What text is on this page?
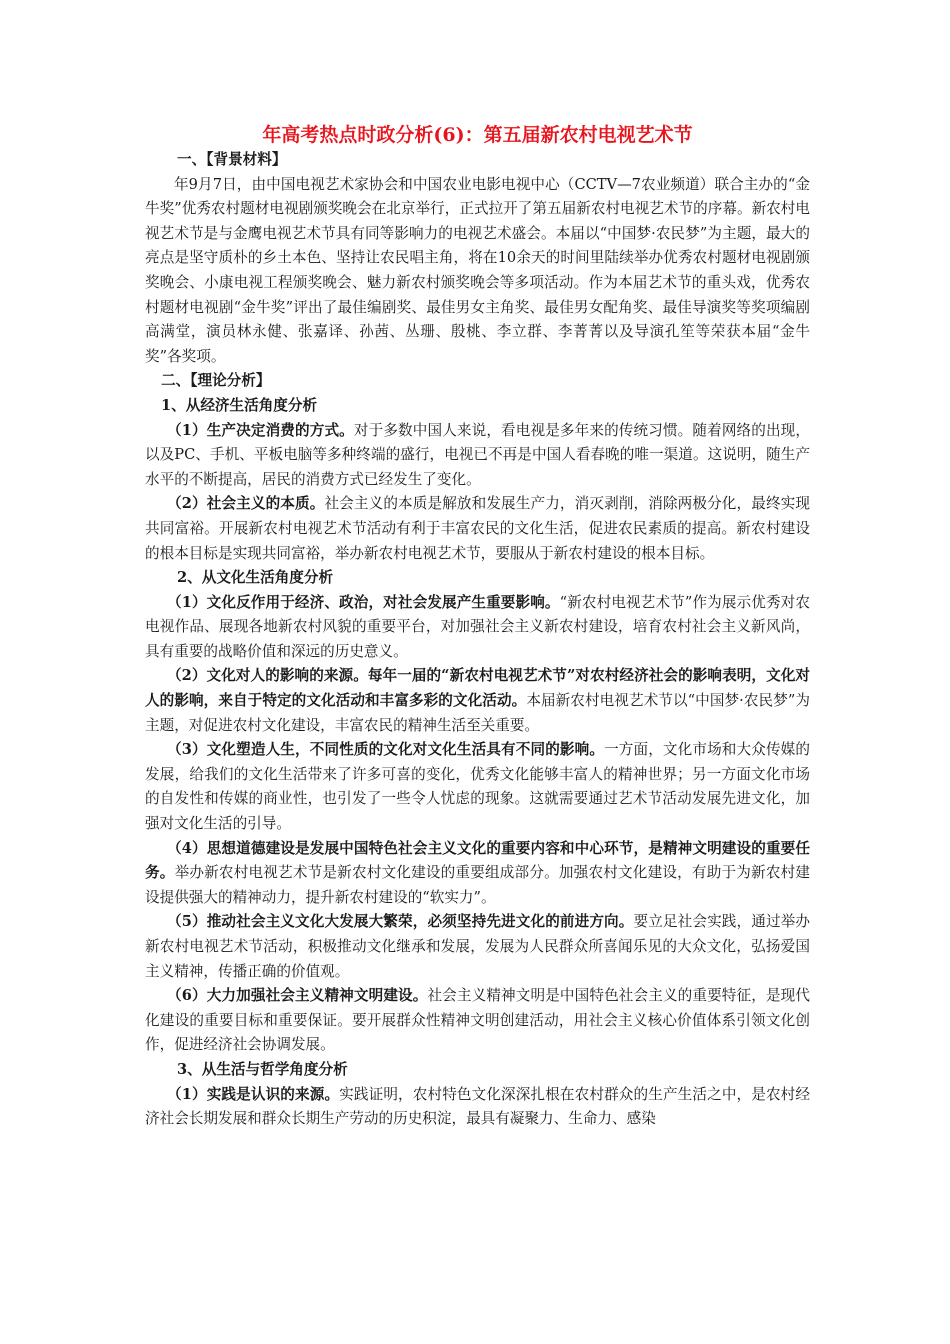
年高考热点时政分析(6)：第五届新农村电视艺术节
一、【背景材料】

年9月7日，由中国电视艺术家协会和中国农业电影电视中心（CCTV—7农业频道）联合主办的“金牛奖”优秀农村题材电视剧颁奖晚会在北京举行，正式拉开了第五届新农村电视艺术节的序幕。新农村电视艺术节是与金鹰电视艺术节具有同等影响力的电视艺术盛会。本届以“中国梦·农民梦”为主题，最大的亮点是坚守质朴的乡土本色、坚持让农民唱主角，将在10余天的时间里陆续举办优秀农村题材电视剧颁奖晚会、小康电视工程颁奖晚会、魅力新农村颁奖晚会等多项活动。作为本届艺术节的重头戏，优秀农村题材电视剧“金牛奖”评出了最佳编剧奖、最佳男女主角奖、最佳男女配角奖、最佳导演奖等奖项编剧高满堂，演员林永健、张嘉译、孙茜、丛珊、殷桃、李立群、李菁菁以及导演孔笙等荣获本届“金牛奖”各奖项。

二、【理论分析】
1、从经济生活角度分析

（1）生产决定消费的方式。对于多数中国人来说，看电视是多年来的传统习惯。随着网络的出现，以及PC、手机、平板电脑等多种终端的盛行，电视已不再是中国人看春晚的唯一渠道。这说明，随生产水平的不断提高，居民的消费方式已经发生了变化。

（2）社会主义的本质。社会主义的本质是解放和发展生产力，消灭剥削，消除两极分化，最终实现共同富裕。开展新农村电视艺术节活动有利于丰富农民的文化生活，促进农民素质的提高。新农村建设的根本目标是实现共同富裕，举办新农村电视艺术节，要服从于新农村建设的根本目标。

2、从文化生活角度分析

（1）文化反作用于经济、政治，对社会发展产生重要影响。“新农村电视艺术节”作为展示优秀对农电视作品、展现各地新农村风貌的重要平台，对加强社会主义新农村建设，培育农村社会主义新风尚，具有重要的战略价值和深远的历史意义。

（2）文化对人的影响的来源。每年一届的“新农村电视艺术节”对农村经济社会的影响表明，文化对人的影响，来自于特定的文化活动和丰富多彩的文化活动。本届新农村电视艺术节以“中国梦·农民梦”为主题，对促进农村文化建设，丰富农民的精神生活至关重要。

（3）文化塑造人生，不同性质的文化对文化生活具有不同的影响。一方面，文化市场和大众传媒的发展，给我们的文化生活带来了许多可喜的变化，优秀文化能够丰富人的精神世界；另一方面文化市场的自发性和传媒的商业性，也引发了一些令人忧虑的现象。这就需要通过艺术节活动发展先进文化，加强对文化生活的引导。

（4）思想道德建设是发展中国特色社会主义文化的重要内容和中心环节，是精神文明建设的重要任务。举办新农村电视艺术节是新农村文化建设的重要组成部分。加强农村文化建设，有助于为新农村建设提供强大的精神动力，提升新农村建设的“软实力”。

（5）推动社会主义文化大发展大繁荣，必须坚持先进文化的前进方向。要立足社会实践，通过举办新农村电视艺术节活动，积极推动文化继承和发展，发展为人民群众所喜闻乐见的大众文化，弘扬爱国主义精神，传播正确的价值观。

（6）大力加强社会主义精神文明建设。社会主义精神文明是中国特色社会主义的重要特征，是现代化建设的重要目标和重要保证。要开展群众性精神文明创建活动，用社会主义核心价值体系引领文化创作，促进经济社会协调发展。

3、从生活与哲学角度分析

（1）实践是认识的来源。实践证明，农村特色文化深深扎根在农村群众的生产生活之中，是农村经济社会长期发展和群众长期生产劳动的历史积淀，最具有凝聚力、生命力、感染
